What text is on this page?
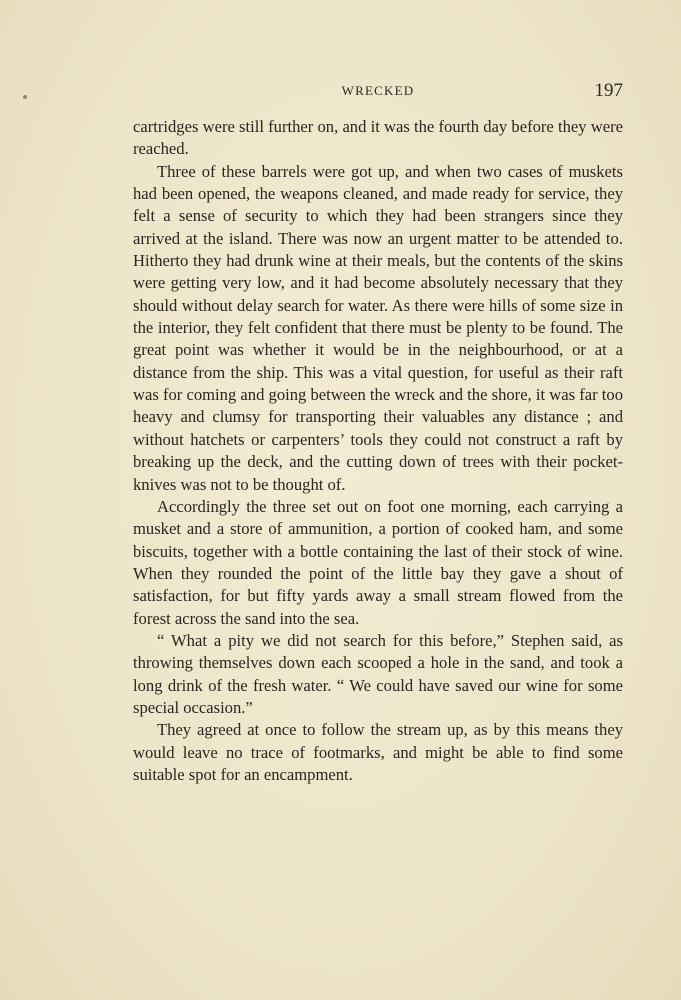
WRECKED	197

cartridges were still further on, and it was the fourth day before they were reached.

Three of these barrels were got up, and when two cases of muskets had been opened, the weapons cleaned, and made ready for service, they felt a sense of security to which they had been strangers since they arrived at the island. There was now an urgent matter to be attended to. Hitherto they had drunk wine at their meals, but the contents of the skins were getting very low, and it had become absolutely necessary that they should without delay search for water. As there were hills of some size in the interior, they felt confident that there must be plenty to be found. The great point was whether it would be in the neighbourhood, or at a distance from the ship. This was a vital question, for useful as their raft was for coming and going between the wreck and the shore, it was far too heavy and clumsy for transporting their valuables any distance ; and without hatchets or carpenters’ tools they could not construct a raft by breaking up the deck, and the cutting down of trees with their pocket-knives was not to be thought of.

Accordingly the three set out on foot one morning, each carrying a musket and a store of ammunition, a portion of cooked ham, and some biscuits, together with a bottle containing the last of their stock of wine. When they rounded the point of the little bay they gave a shout of satisfaction, for but fifty yards away a small stream flowed from the forest across the sand into the sea.

“ What a pity we did not search for this before,” Stephen said, as throwing themselves down each scooped a hole in the sand, and took a long drink of the fresh water. “ We could have saved our wine for some special occasion.”

They agreed at once to follow the stream up, as by this means they would leave no trace of footmarks, and might be able to find some suitable spot for an encampment.
